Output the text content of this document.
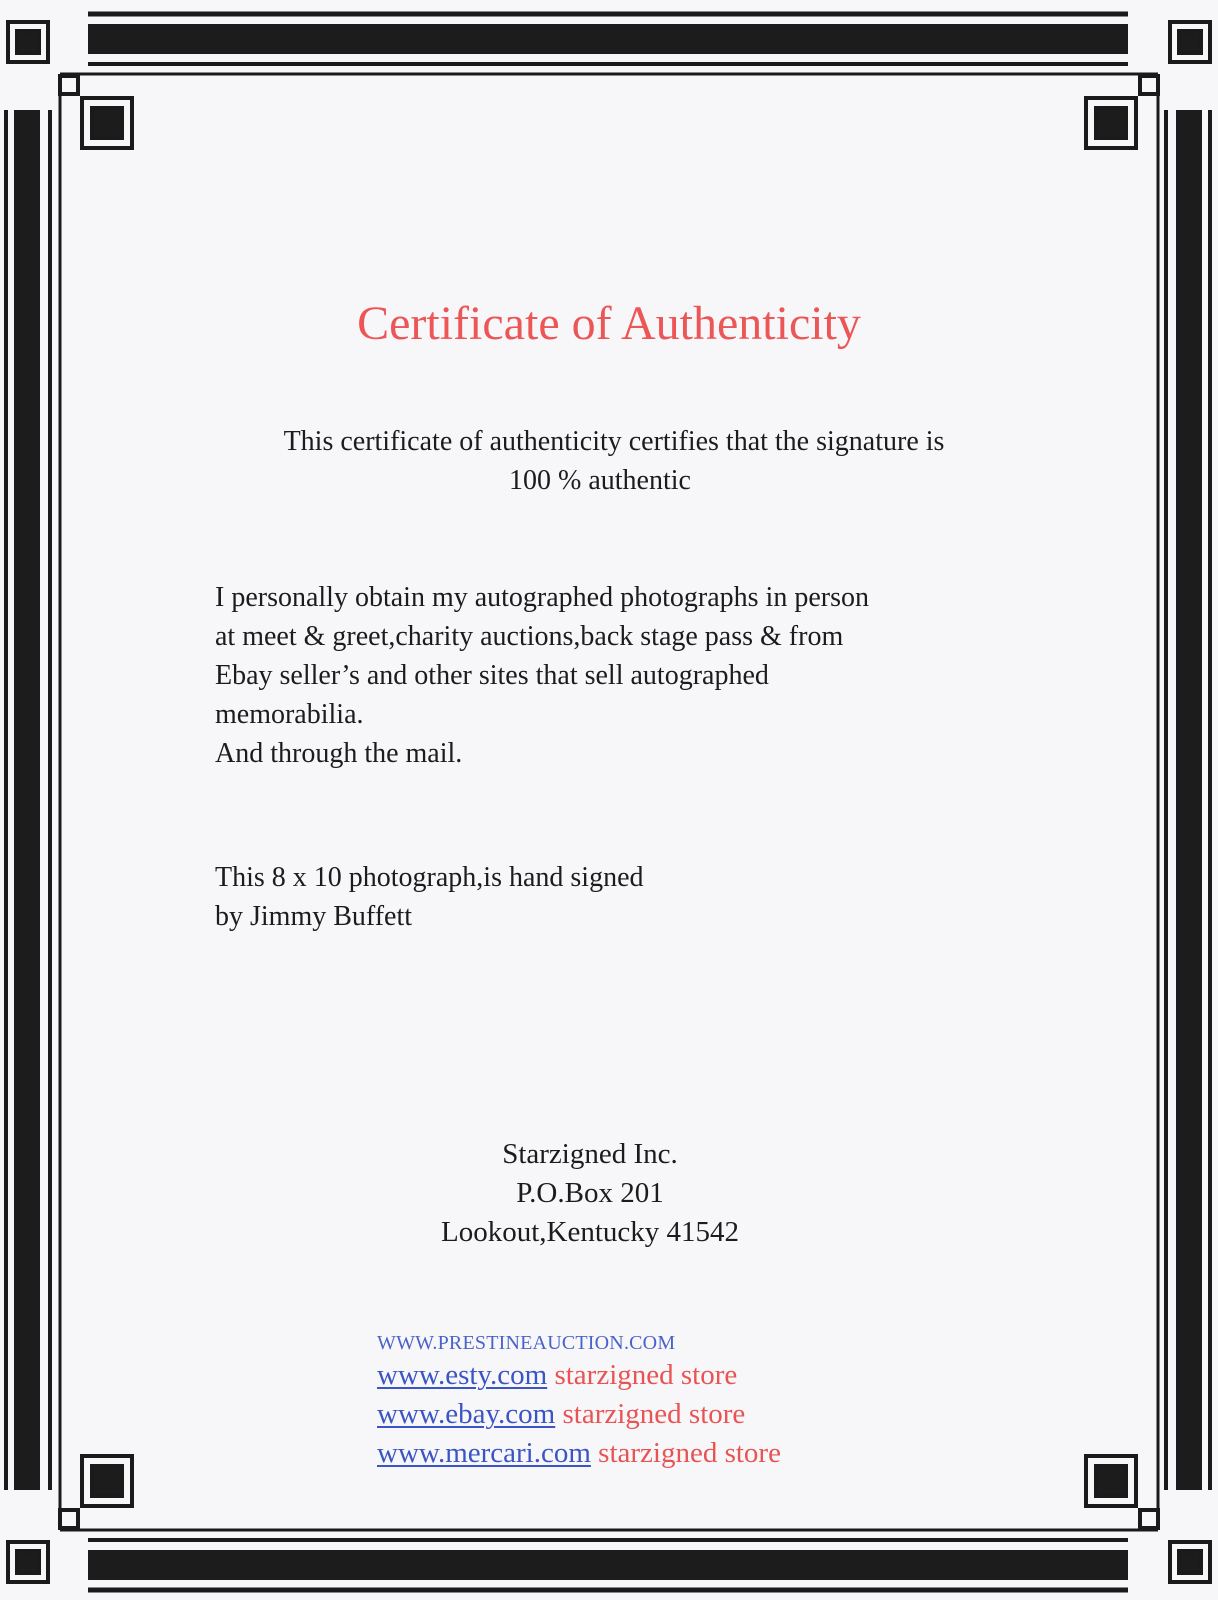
Certificate of Authenticity
This certificate of authenticity certifies that the signature is
100 % authentic
I personally obtain my autographed photographs in person
at meet & greet,charity auctions,back stage pass & from
Ebay seller’s and other sites that sell autographed
memorabilia.
And through the mail.
This 8 x 10 photograph,is hand signed
by Jimmy Buffett
Starzigned Inc.
P.O.Box 201
Lookout,Kentucky 41542
WWW.PRESTINEAUCTION.COM
www.esty.com starzigned store
www.ebay.com starzigned store
www.mercari.com starzigned store
